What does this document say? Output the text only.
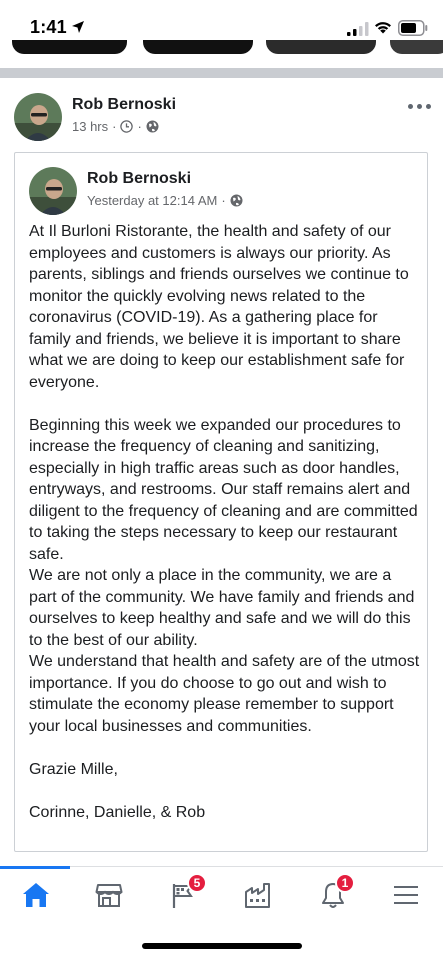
1:41
Rob Bernoski
13 hrs · ·
Rob Bernoski
Yesterday at 12:14 AM ·

At Il Burloni Ristorante, the health and safety of our employees and customers is always our priority. As parents, siblings and friends ourselves we continue to monitor the quickly evolving news related to the coronavirus (COVID-19). As a gathering place for family and friends, we believe it is important to share what we are doing to keep our establishment safe for everyone.

Beginning this week we expanded our procedures to increase the frequency of cleaning and sanitizing, especially in high traffic areas such as door handles, entryways, and restrooms. Our staff remains alert and diligent to the frequency of cleaning and are committed to taking the steps necessary to keep our restaurant safe.

We are not only a place in the community, we are a part of the community. We have family and friends and ourselves to keep healthy and safe and we will do this to the best of our ability.

We understand that health and safety are of the utmost importance. If you do choose to go out and wish to stimulate the economy please remember to support your local businesses and communities.

Grazie Mille,

Corinne, Danielle, & Rob

5	1
